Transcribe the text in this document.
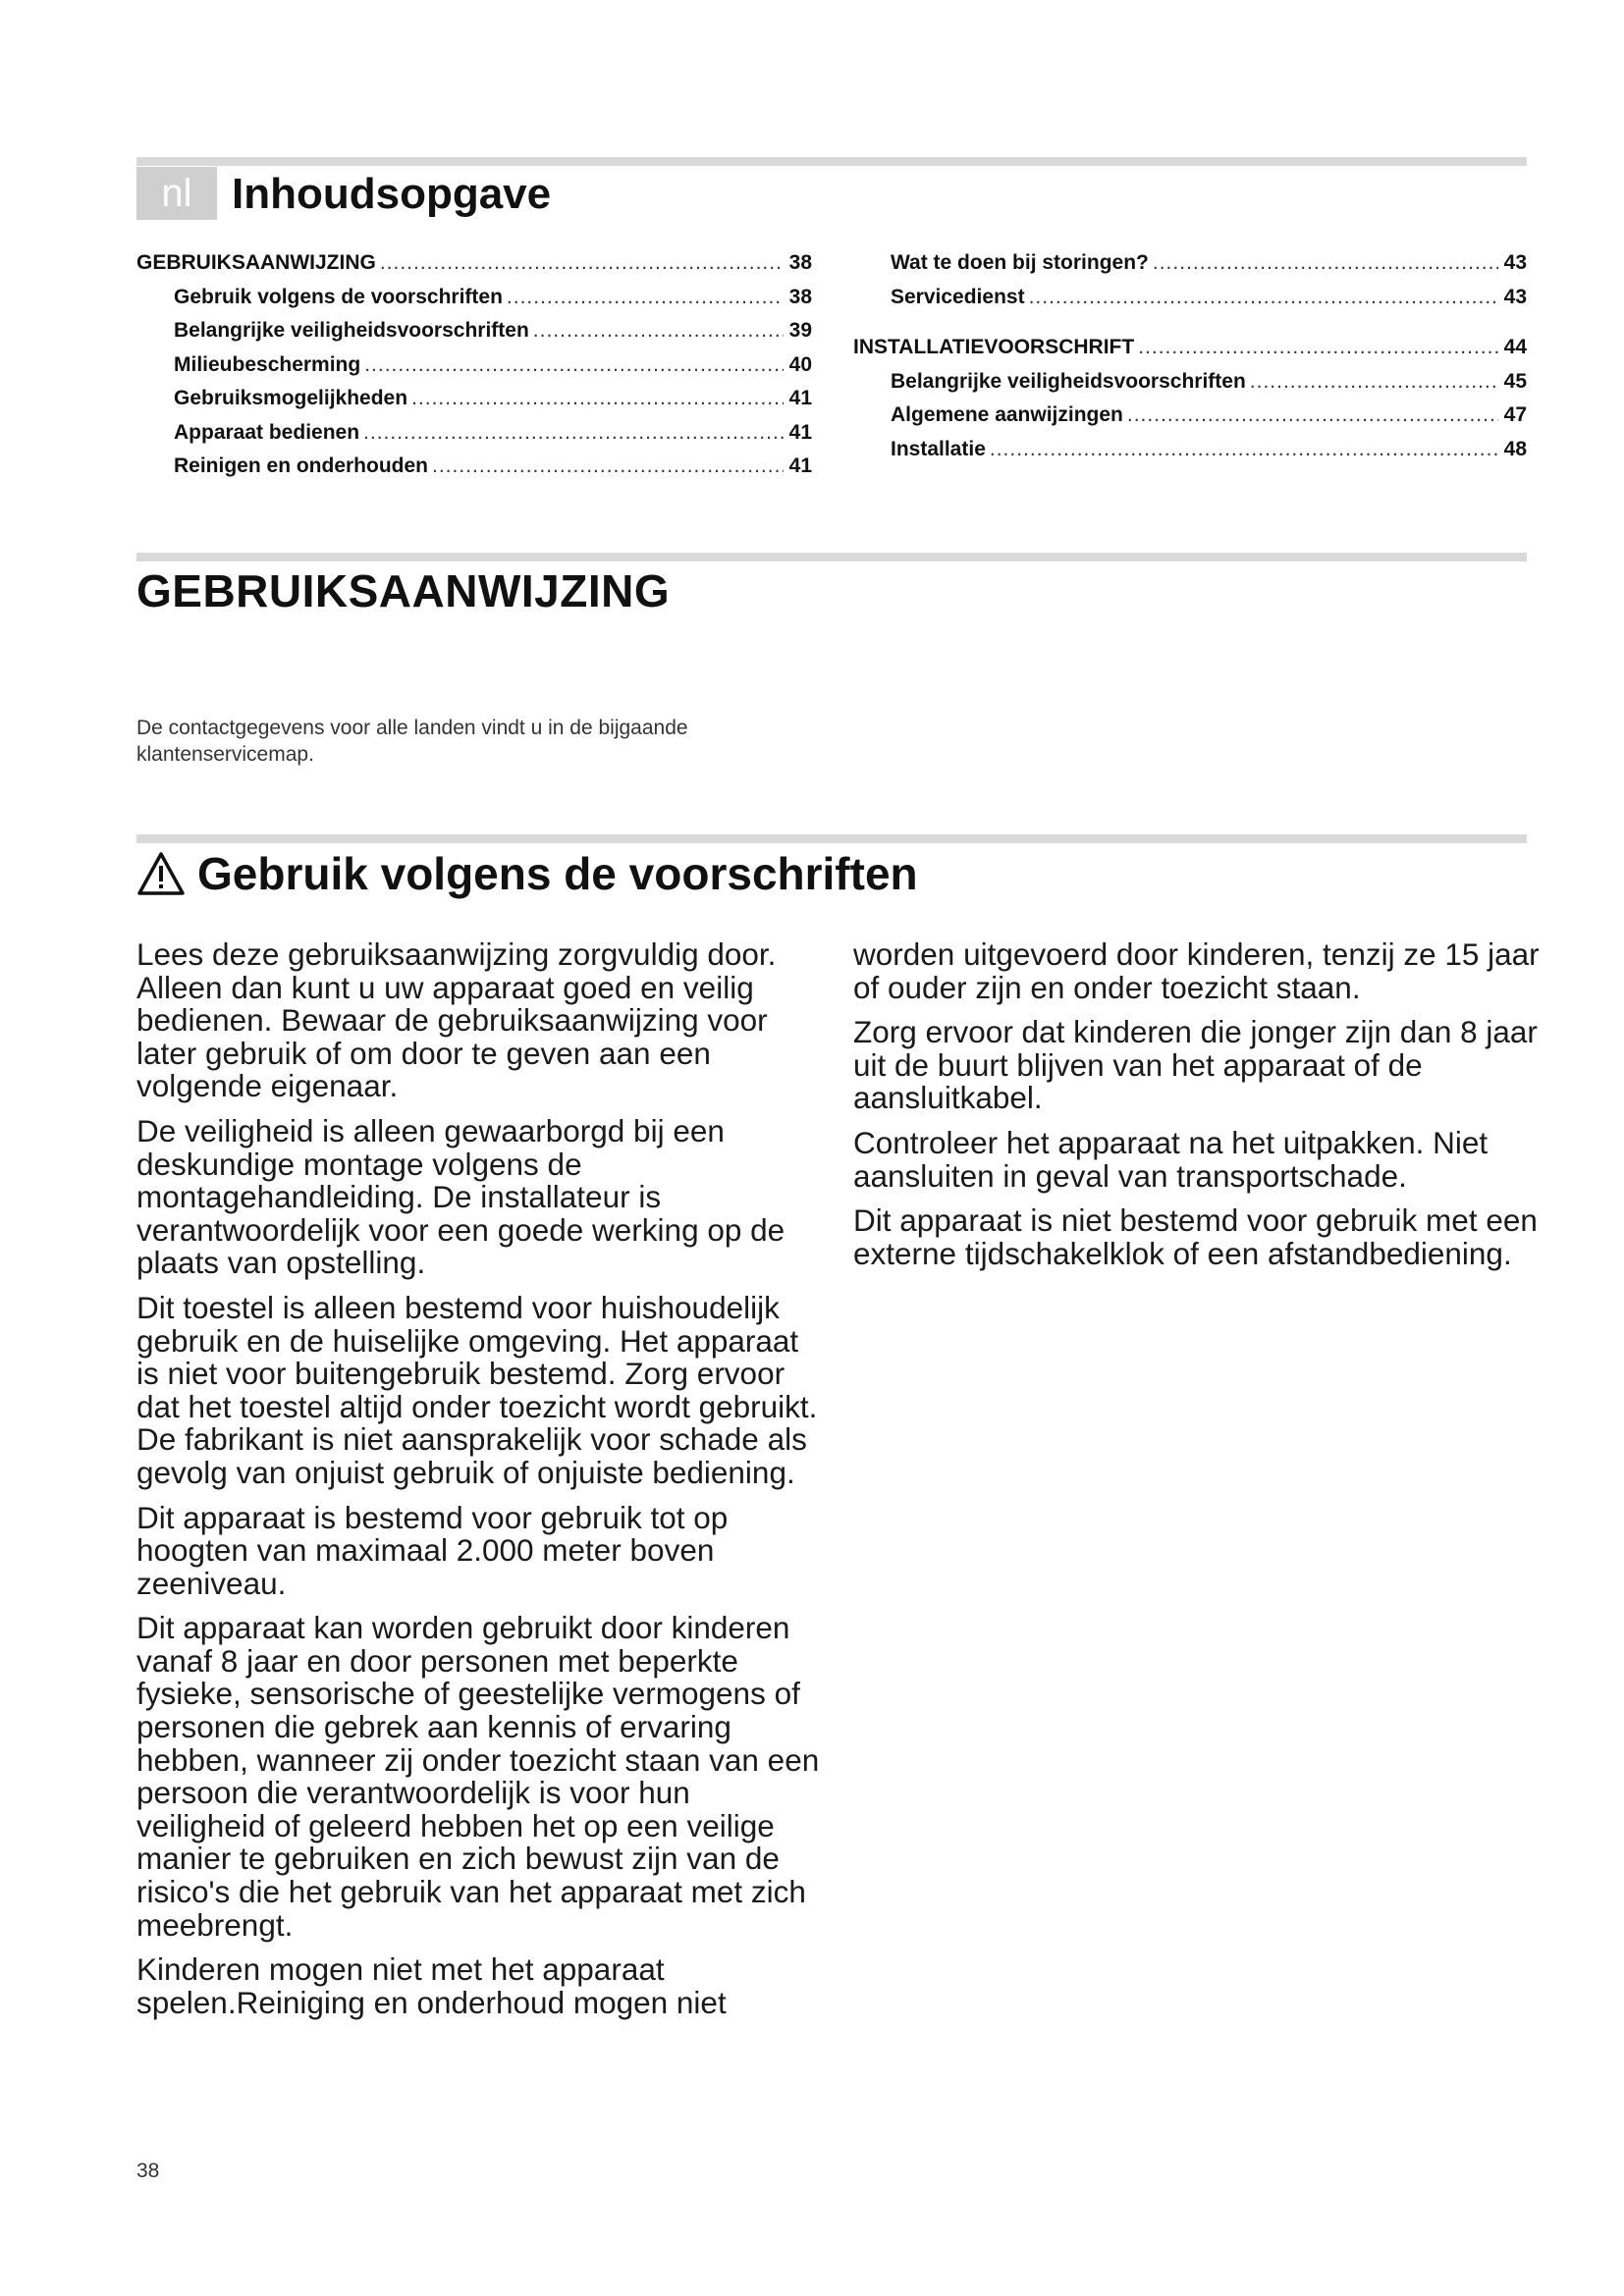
nl Inhoudsopgave
GEBRUIKSAANWIJZING .....	38
Gebruik volgens de voorschriften .....	38
Belangrijke veiligheidsvoorschriften .....	39
Milieubescherming .....	40
Gebruiksmogelijkheden .....	41
Apparaat bedienen .....	41
Reinigen en onderhouden .....	41
Wat te doen bij storingen? .....	43
Servicedienst .....	43
INSTALLATIEVOORSCHRIFT .....	44
Belangrijke veiligheidsvoorschriften .....	45
Algemene aanwijzingen .....	47
Installatie .....	48
GEBRUIKSAANWIJZING

De contactgegevens voor alle landen vindt u in de bijgaande klantenservicemap.

Gebruik volgens de voorschriften

Lees deze gebruiksaanwijzing zorgvuldig door. Alleen dan kunt u uw apparaat goed en veilig bedienen. Bewaar de gebruiksaanwijzing voor later gebruik of om door te geven aan een volgende eigenaar.

De veiligheid is alleen gewaarborgd bij een deskundige montage volgens de montagehandleiding. De installateur is verantwoordelijk voor een goede werking op de plaats van opstelling.

Dit toestel is alleen bestemd voor huishoudelijk gebruik en de huiselijke omgeving. Het apparaat is niet voor buitengebruik bestemd. Zorg ervoor dat het toestel altijd onder toezicht wordt gebruikt. De fabrikant is niet aansprakelijk voor schade als gevolg van onjuist gebruik of onjuiste bediening.

Dit apparaat is bestemd voor gebruik tot op hoogten van maximaal 2.000 meter boven zeeniveau.

Dit apparaat kan worden gebruikt door kinderen vanaf 8 jaar en door personen met beperkte fysieke, sensorische of geestelijke vermogens of personen die gebrek aan kennis of ervaring hebben, wanneer zij onder toezicht staan van een persoon die verantwoordelijk is voor hun veiligheid of geleerd hebben het op een veilige manier te gebruiken en zich bewust zijn van de risico's die het gebruik van het apparaat met zich meebrengt.

Kinderen mogen niet met het apparaat spelen.Reiniging en onderhoud mogen niet

worden uitgevoerd door kinderen, tenzij ze 15 jaar of ouder zijn en onder toezicht staan.

Zorg ervoor dat kinderen die jonger zijn dan 8 jaar uit de buurt blijven van het apparaat of de aansluitkabel.

Controleer het apparaat na het uitpakken. Niet aansluiten in geval van transportschade.

Dit apparaat is niet bestemd voor gebruik met een externe tijdschakelklok of een afstandbediening.

38
